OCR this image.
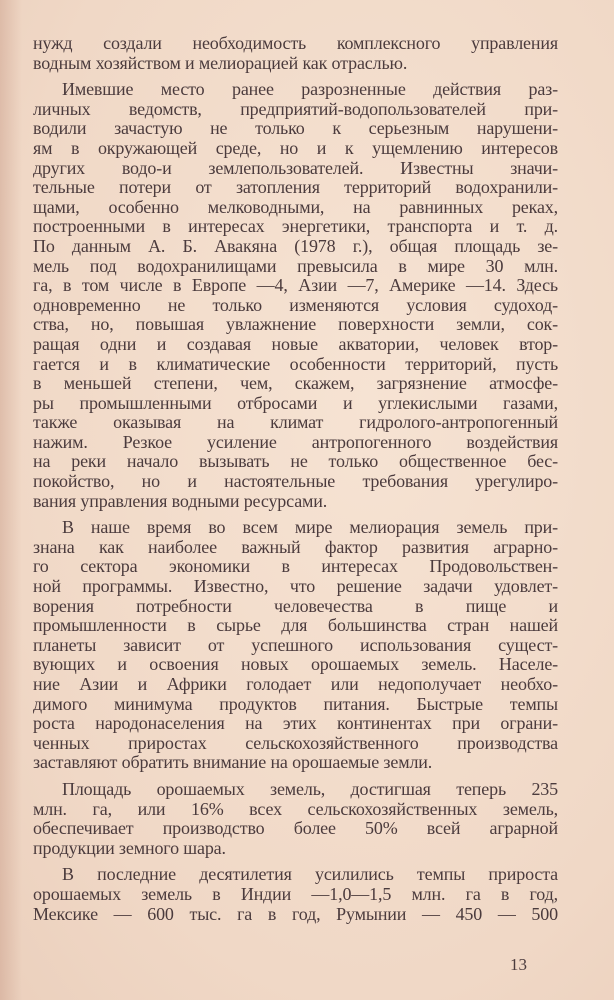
нужд создали необходимость комплексного управления
водным хозяйством и мелиорацией как отраслью.
Имевшие место ранее разрозненные действия раз-
личных ведомств, предприятий-водопользователей при-
водили зачастую не только к серьезным нарушени-
ям в окружающей среде, но и к ущемлению интересов
других водо-и землепользователей. Известны значи-
тельные потери от затопления территорий водохранили-
щами, особенно мелководными, на равнинных реках,
построенными в интересах энергетики, транспорта и т. д.
По данным А. Б. Авакяна (1978 г.), общая площадь зе-
мель под водохранилищами превысила в мире 30 млн.
га, в том числе в Европе —4, Азии —7, Америке —14. Здесь
одновременно не только изменяются условия судоход-
ства, но, повышая увлажнение поверхности земли, сок-
ращая одни и создавая новые акватории, человек втор-
гается и в климатические особенности территорий, пусть
в меньшей степени, чем, скажем, загрязнение атмосфе-
ры промышленными отбросами и углекислыми газами,
также оказывая на климат гидролого-антропогенный
нажим. Резкое усиление антропогенного воздействия
на реки начало вызывать не только общественное бес-
покойство, но и настоятельные требования урегулиро-
вания управления водными ресурсами.
В наше время во всем мире мелиорация земель при-
знана как наиболее важный фактор развития аграрно-
го сектора экономики в интересах Продовольствен-
ной программы. Известно, что решение задачи удовлет-
ворения потребности человечества в пище и
промышленности в сырье для большинства стран нашей
планеты зависит от успешного использования сущест-
вующих и освоения новых орошаемых земель. Населе-
ние Азии и Африки голодает или недополучает необхо-
димого минимума продуктов питания. Быстрые темпы
роста народонаселения на этих континентах при ограни-
ченных приростах сельскохозяйственного производства
заставляют обратить внимание на орошаемые земли.
Площадь орошаемых земель, достигшая теперь 235
млн. га, или 16% всех сельскохозяйственных земель,
обеспечивает производство более 50% всей аграрной
продукции земного шара.
В последние десятилетия усилились темпы прироста
орошаемых земель в Индии —1,0—1,5 млн. га в год,
Мексике — 600 тыс. га в год, Румынии — 450 — 500
13
